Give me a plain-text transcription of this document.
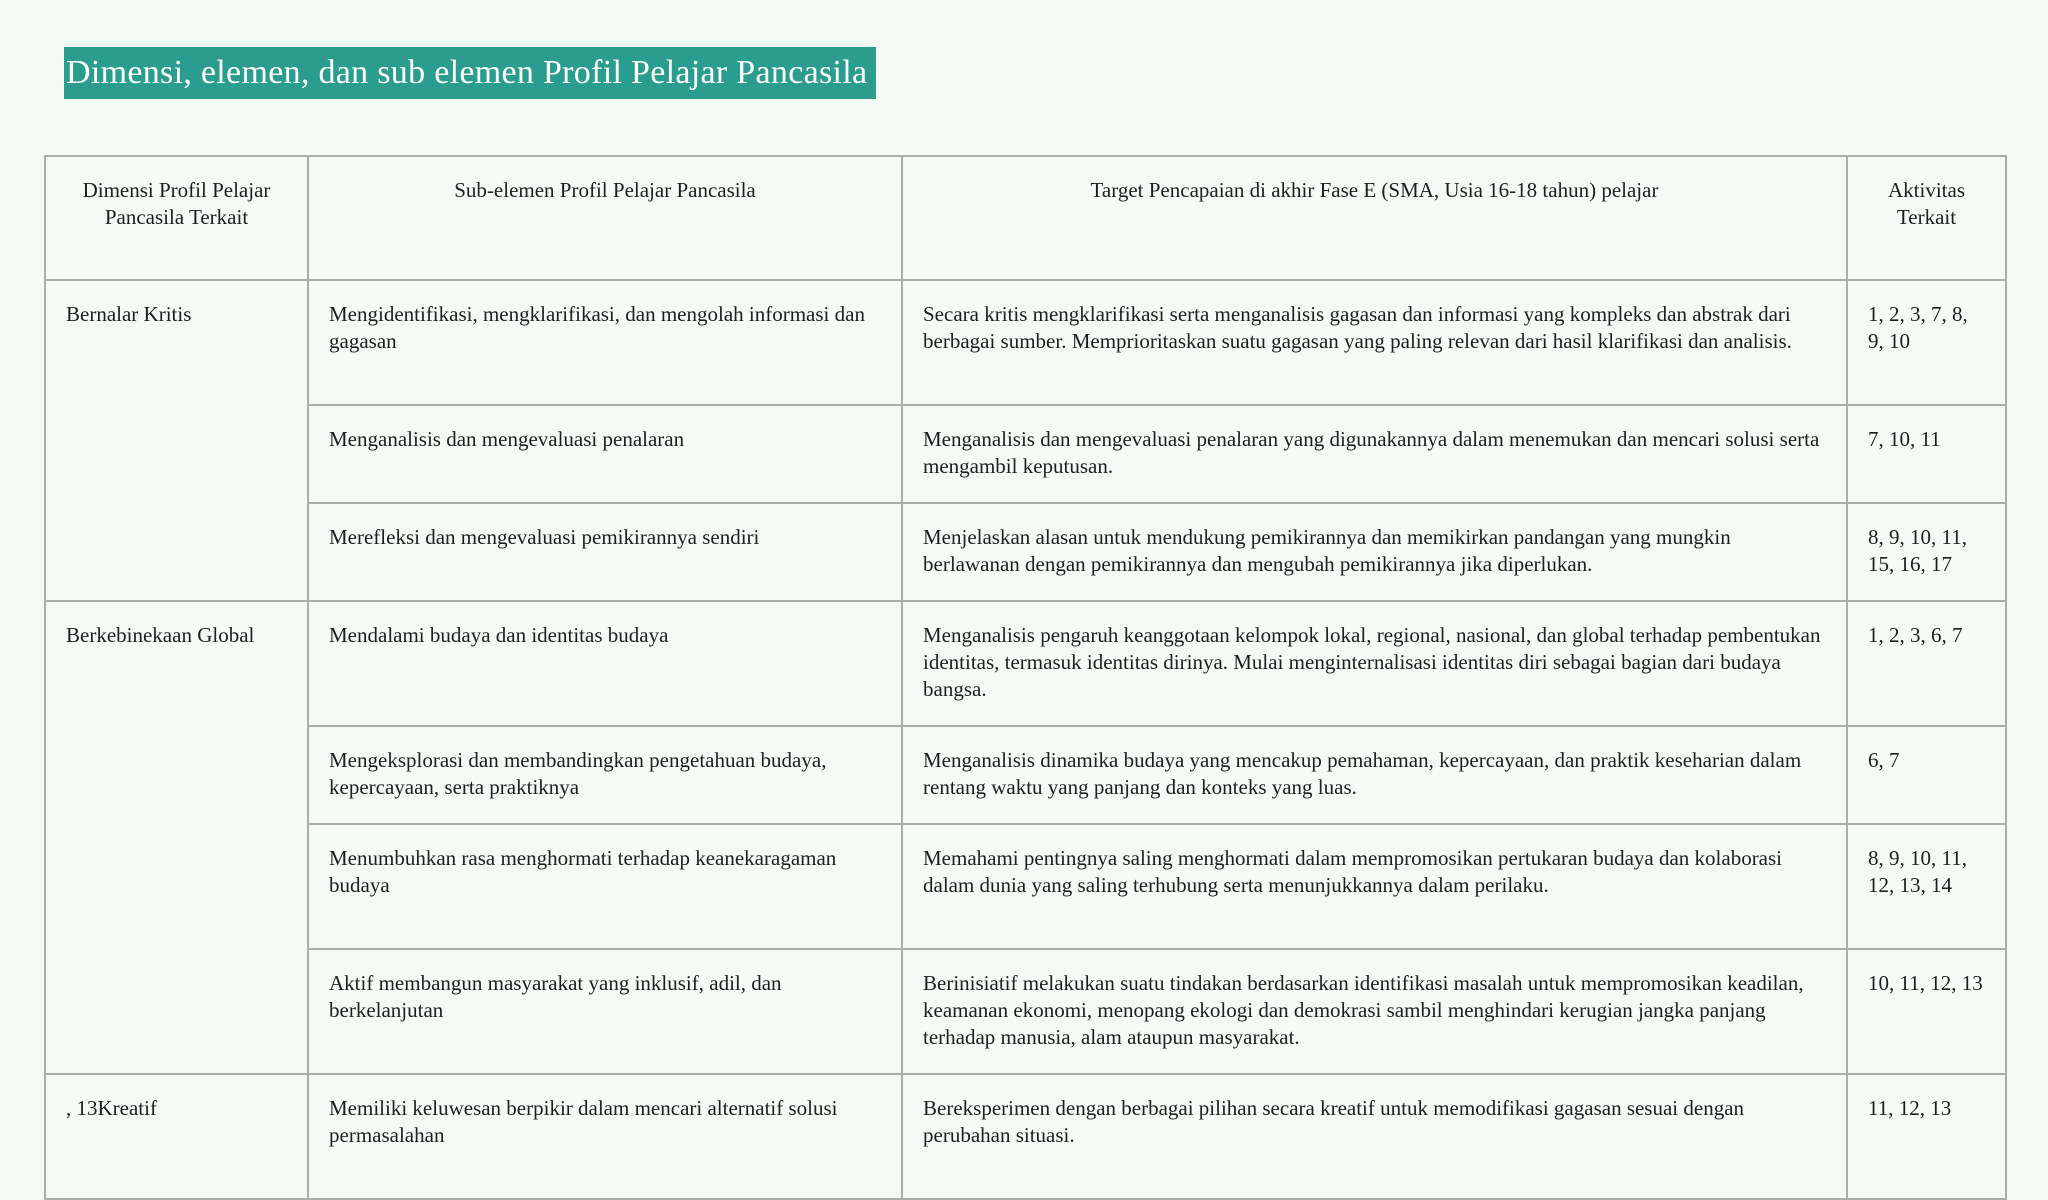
Dimensi, elemen, dan sub elemen Profil Pelajar Pancasila
Dimensi Profil Pelajar Pancasila Terkait	Sub-elemen Profil Pelajar Pancasila	Target Pencapaian di akhir Fase E (SMA, Usia 16-18 tahun) pelajar	Aktivitas Terkait
Bernalar Kritis	Mengidentifikasi, mengklarifikasi, dan mengolah informasi dan gagasan	Secara kritis mengklarifikasi serta menganalisis gagasan dan informasi yang kompleks dan abstrak dari berbagai sumber. Memprioritaskan suatu gagasan yang paling relevan dari hasil klarifikasi dan analisis.	1, 2, 3, 7, 8, 9, 10
	Menganalisis dan mengevaluasi penalaran	Menganalisis dan mengevaluasi penalaran yang digunakannya dalam menemukan dan mencari solusi serta mengambil keputusan.	7, 10, 11
	Merefleksi dan mengevaluasi pemikirannya sendiri	Menjelaskan alasan untuk mendukung pemikirannya dan memikirkan pandangan yang mungkin berlawanan dengan pemikirannya dan mengubah pemikirannya jika diperlukan.	8, 9, 10, 11, 15, 16, 17
Berkebinekaan Global	Mendalami budaya dan identitas budaya	Menganalisis pengaruh keanggotaan kelompok lokal, regional, nasional, dan global terhadap pembentukan identitas, termasuk identitas dirinya. Mulai menginternalisasi identitas diri sebagai bagian dari budaya bangsa.	1, 2, 3, 6, 7
	Mengeksplorasi dan membandingkan pengetahuan budaya, kepercayaan, serta praktiknya	Menganalisis dinamika budaya yang mencakup pemahaman, kepercayaan, dan praktik keseharian dalam rentang waktu yang panjang dan konteks yang luas.	6, 7
	Menumbuhkan rasa menghormati terhadap keanekaragaman budaya	Memahami pentingnya saling menghormati dalam mempromosikan pertukaran budaya dan kolaborasi dalam dunia yang saling terhubung serta menunjukkannya dalam perilaku.	8, 9, 10, 11, 12, 13, 14
	Aktif membangun masyarakat yang inklusif, adil, dan berkelanjutan	Berinisiatif melakukan suatu tindakan berdasarkan identifikasi masalah untuk mempromosikan keadilan, keamanan ekonomi, menopang ekologi dan demokrasi sambil menghindari kerugian jangka panjang terhadap manusia, alam ataupun masyarakat.	10, 11, 12, 13
, 13Kreatif	Memiliki keluwesan berpikir dalam mencari alternatif solusi permasalahan	Bereksperimen dengan berbagai pilihan secara kreatif untuk memodifikasi gagasan sesuai dengan perubahan situasi.	11, 12, 13
